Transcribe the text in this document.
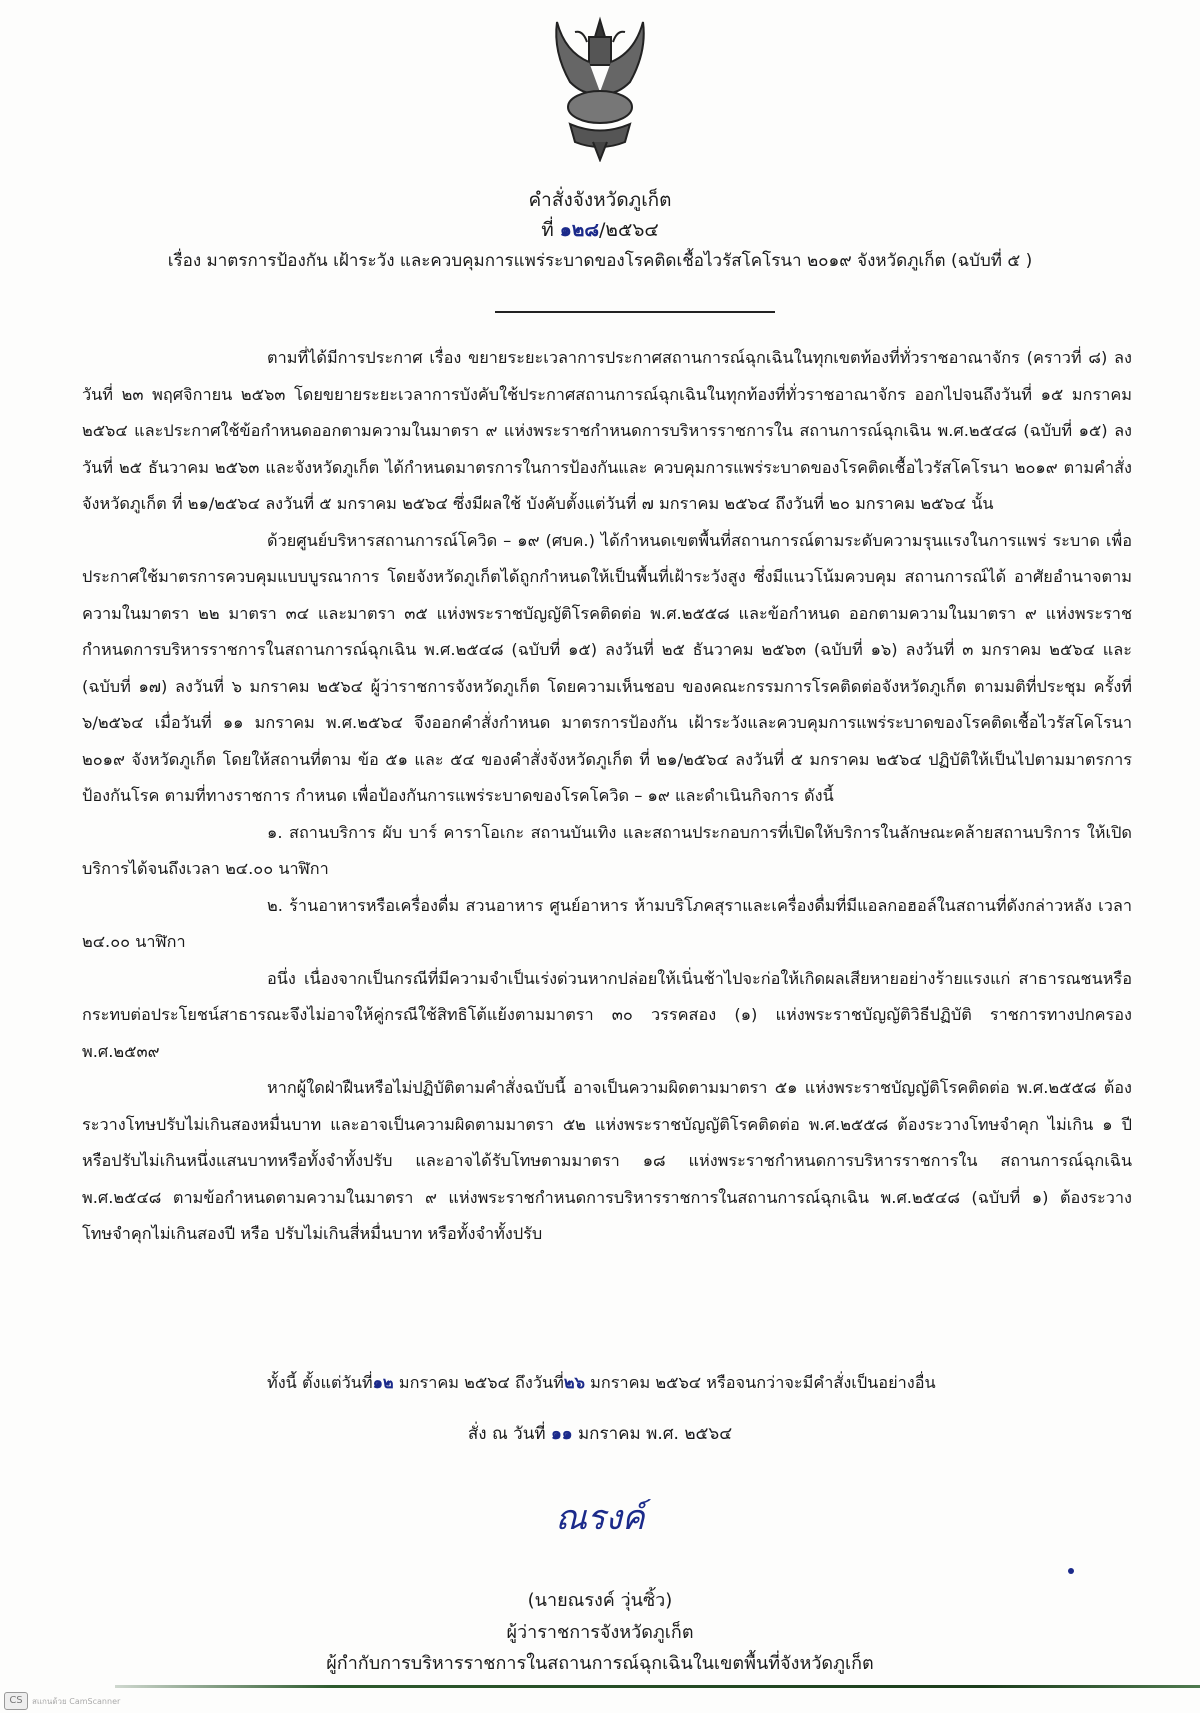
คำสั่งจังหวัดภูเก็ต
ที่ ๑๒๘/๒๕๖๔
เรื่อง มาตรการป้องกัน เฝ้าระวัง และควบคุมการแพร่ระบาดของโรคติดเชื้อไวรัสโคโรนา ๒๐๑๙ จังหวัดภูเก็ต (ฉบับที่ ๕ )

ตามที่ได้มีการประกาศ เรื่อง ขยายระยะเวลาการประกาศสถานการณ์ฉุกเฉินในทุกเขตท้องที่ทั่วราชอาณาจักร (คราวที่ ๘) ลงวันที่ ๒๓ พฤศจิกายน ๒๕๖๓ โดยขยายระยะเวลาการบังคับใช้ประกาศสถานการณ์ฉุกเฉินในทุกท้องที่ทั่วราชอาณาจักร ออกไปจนถึงวันที่ ๑๕ มกราคม ๒๕๖๔ และประกาศใช้ข้อกำหนดออกตามความในมาตรา ๙ แห่งพระราชกำหนดการบริหารราชการใน สถานการณ์ฉุกเฉิน พ.ศ.๒๕๔๘ (ฉบับที่ ๑๕) ลงวันที่ ๒๕ ธันวาคม ๒๕๖๓ และจังหวัดภูเก็ต ได้กำหนดมาตรการในการป้องกันและ ควบคุมการแพร่ระบาดของโรคติดเชื้อไวรัสโคโรนา ๒๐๑๙ ตามคำสั่งจังหวัดภูเก็ต ที่ ๒๑/๒๕๖๔ ลงวันที่ ๕ มกราคม ๒๕๖๔ ซึ่งมีผลใช้ บังคับตั้งแต่วันที่ ๗ มกราคม ๒๕๖๔ ถึงวันที่ ๒๐ มกราคม ๒๕๖๔ นั้น

ด้วยศูนย์บริหารสถานการณ์โควิด – ๑๙ (ศบค.) ได้กำหนดเขตพื้นที่สถานการณ์ตามระดับความรุนแรงในการแพร่ ระบาด เพื่อประกาศใช้มาตรการควบคุมแบบบูรณาการ โดยจังหวัดภูเก็ตได้ถูกกำหนดให้เป็นพื้นที่เฝ้าระวังสูง ซึ่งมีแนวโน้มควบคุม สถานการณ์ได้ อาศัยอำนาจตามความในมาตรา ๒๒ มาตรา ๓๔ และมาตรา ๓๕ แห่งพระราชบัญญัติโรคติดต่อ พ.ศ.๒๕๕๘ และข้อกำหนด ออกตามความในมาตรา ๙ แห่งพระราชกำหนดการบริหารราชการในสถานการณ์ฉุกเฉิน พ.ศ.๒๕๔๘ (ฉบับที่ ๑๕) ลงวันที่ ๒๕ ธันวาคม ๒๕๖๓ (ฉบับที่ ๑๖) ลงวันที่ ๓ มกราคม ๒๕๖๔ และ (ฉบับที่ ๑๗) ลงวันที่ ๖ มกราคม ๒๕๖๔ ผู้ว่าราชการจังหวัดภูเก็ต โดยความเห็นชอบ ของคณะกรรมการโรคติดต่อจังหวัดภูเก็ต ตามมติที่ประชุม ครั้งที่ ๖/๒๕๖๔ เมื่อวันที่ ๑๑ มกราคม พ.ศ.๒๕๖๔ จึงออกคำสั่งกำหนด มาตรการป้องกัน เฝ้าระวังและควบคุมการแพร่ระบาดของโรคติดเชื้อไวรัสโคโรนา ๒๐๑๙ จังหวัดภูเก็ต โดยให้สถานที่ตาม ข้อ ๕๑ และ ๕๔ ของคำสั่งจังหวัดภูเก็ต ที่ ๒๑/๒๕๖๔ ลงวันที่ ๕ มกราคม ๒๕๖๔ ปฏิบัติให้เป็นไปตามมาตรการป้องกันโรค ตามที่ทางราชการ กำหนด เพื่อป้องกันการแพร่ระบาดของโรคโควิด – ๑๙ และดำเนินกิจการ ดังนี้

๑. สถานบริการ ผับ บาร์ คาราโอเกะ สถานบันเทิง และสถานประกอบการที่เปิดให้บริการในลักษณะคล้ายสถานบริการ ให้เปิดบริการได้จนถึงเวลา ๒๔.๐๐ นาฬิกา

๒. ร้านอาหารหรือเครื่องดื่ม สวนอาหาร ศูนย์อาหาร ห้ามบริโภคสุราและเครื่องดื่มที่มีแอลกอฮอล์ในสถานที่ดังกล่าวหลัง เวลา ๒๔.๐๐ นาฬิกา

อนึ่ง เนื่องจากเป็นกรณีที่มีความจำเป็นเร่งด่วนหากปล่อยให้เนิ่นช้าไปจะก่อให้เกิดผลเสียหายอย่างร้ายแรงแก่ สาธารณชนหรือกระทบต่อประโยชน์สาธารณะจึงไม่อาจให้คู่กรณีใช้สิทธิโต้แย้งตามมาตรา ๓๐ วรรคสอง (๑) แห่งพระราชบัญญัติวิธีปฏิบัติ ราชการทางปกครอง พ.ศ.๒๕๓๙

หากผู้ใดฝ่าฝืนหรือไม่ปฏิบัติตามคำสั่งฉบับนี้ อาจเป็นความผิดตามมาตรา ๕๑ แห่งพระราชบัญญัติโรคติดต่อ พ.ศ.๒๕๕๘ ต้องระวางโทษปรับไม่เกินสองหมื่นบาท และอาจเป็นความผิดตามมาตรา ๕๒ แห่งพระราชบัญญัติโรคติดต่อ พ.ศ.๒๕๕๘ ต้องระวางโทษจำคุก ไม่เกิน ๑ ปี หรือปรับไม่เกินหนึ่งแสนบาทหรือทั้งจำทั้งปรับ และอาจได้รับโทษตามมาตรา ๑๘ แห่งพระราชกำหนดการบริหารราชการใน สถานการณ์ฉุกเฉิน พ.ศ.๒๕๔๘ ตามข้อกำหนดตามความในมาตรา ๙ แห่งพระราชกำหนดการบริหารราชการในสถานการณ์ฉุกเฉิน พ.ศ.๒๕๔๘ (ฉบับที่ ๑) ต้องระวางโทษจำคุกไม่เกินสองปี หรือ ปรับไม่เกินสี่หมื่นบาท หรือทั้งจำทั้งปรับ

ทั้งนี้ ตั้งแต่วันที่๑๒ มกราคม ๒๕๖๔ ถึงวันที่๒๖ มกราคม ๒๕๖๔ หรือจนกว่าจะมีคำสั่งเป็นอย่างอื่น
สั่ง ณ วันที่ ๑๑ มกราคม พ.ศ. ๒๕๖๔
ณรงค์
(นายณรงค์ วุ่นซิ้ว)
ผู้ว่าราชการจังหวัดภูเก็ต
ผู้กำกับการบริหารราชการในสถานการณ์ฉุกเฉินในเขตพื้นที่จังหวัดภูเก็ต
CS	สแกนด้วย CamScanner
